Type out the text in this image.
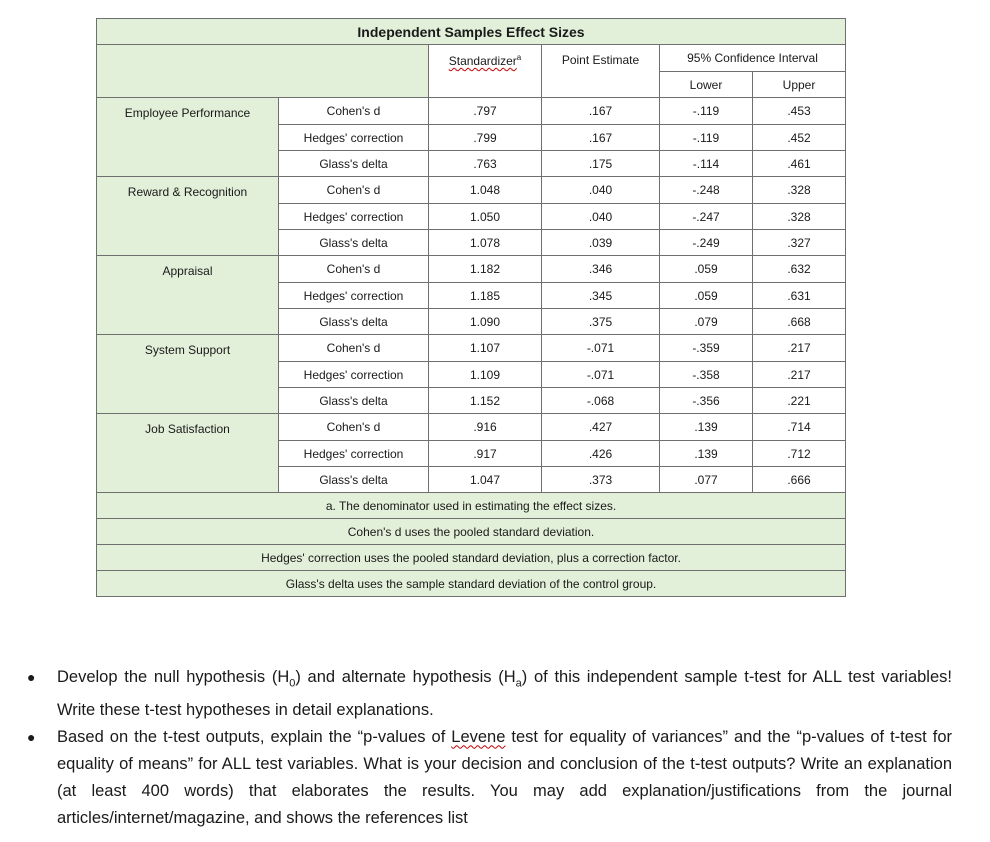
Independent Samples Effect Sizes					
		Standardizer$^a$	Point Estimate	95% Confidence Interval	
				Lower	Upper
Employee Performance	Cohen's d	.797	.167	-.119	.453
	Hedges' correction	.799	.167	-.119	.452
	Glass's delta	.763	.175	-.114	.461
Reward & Recognition	Cohen's d	1.048	.040	-.248	.328
	Hedges' correction	1.050	.040	-.247	.328
	Glass's delta	1.078	.039	-.249	.327
Appraisal	Cohen's d	1.182	.346	.059	.632
	Hedges' correction	1.185	.345	.059	.631
	Glass's delta	1.090	.375	.079	.668
System Support	Cohen's d	1.107	-.071	-.359	.217
	Hedges' correction	1.109	-.071	-.358	.217
	Glass's delta	1.152	-.068	-.356	.221
Job Satisfaction	Cohen's d	.916	.427	.139	.714
	Hedges' correction	.917	.426	.139	.712
	Glass's delta	1.047	.373	.077	.666
a. The denominator used in estimating the effect sizes.					
Cohen's d uses the pooled standard deviation.					
Hedges' correction uses the pooled standard deviation, plus a correction factor.					
Glass's delta uses the sample standard deviation of the control group.					
● Develop the null hypothesis $(H_0)$ and alternate hypothesis $(H_a)$ of this independent sample t-test for ALL test variables! Write these t-test hypotheses in detail explanations.
● Based on the t-test outputs, explain the “p-values of Levene test for equality of variances” and the “p-values of t-test for equality of means” for ALL test variables. What is your decision and conclusion of the t-test outputs? Write an explanation (at least 400 words) that elaborates the results. You may add explanation/justifications from the journal articles/internet/magazine, and shows the references list
